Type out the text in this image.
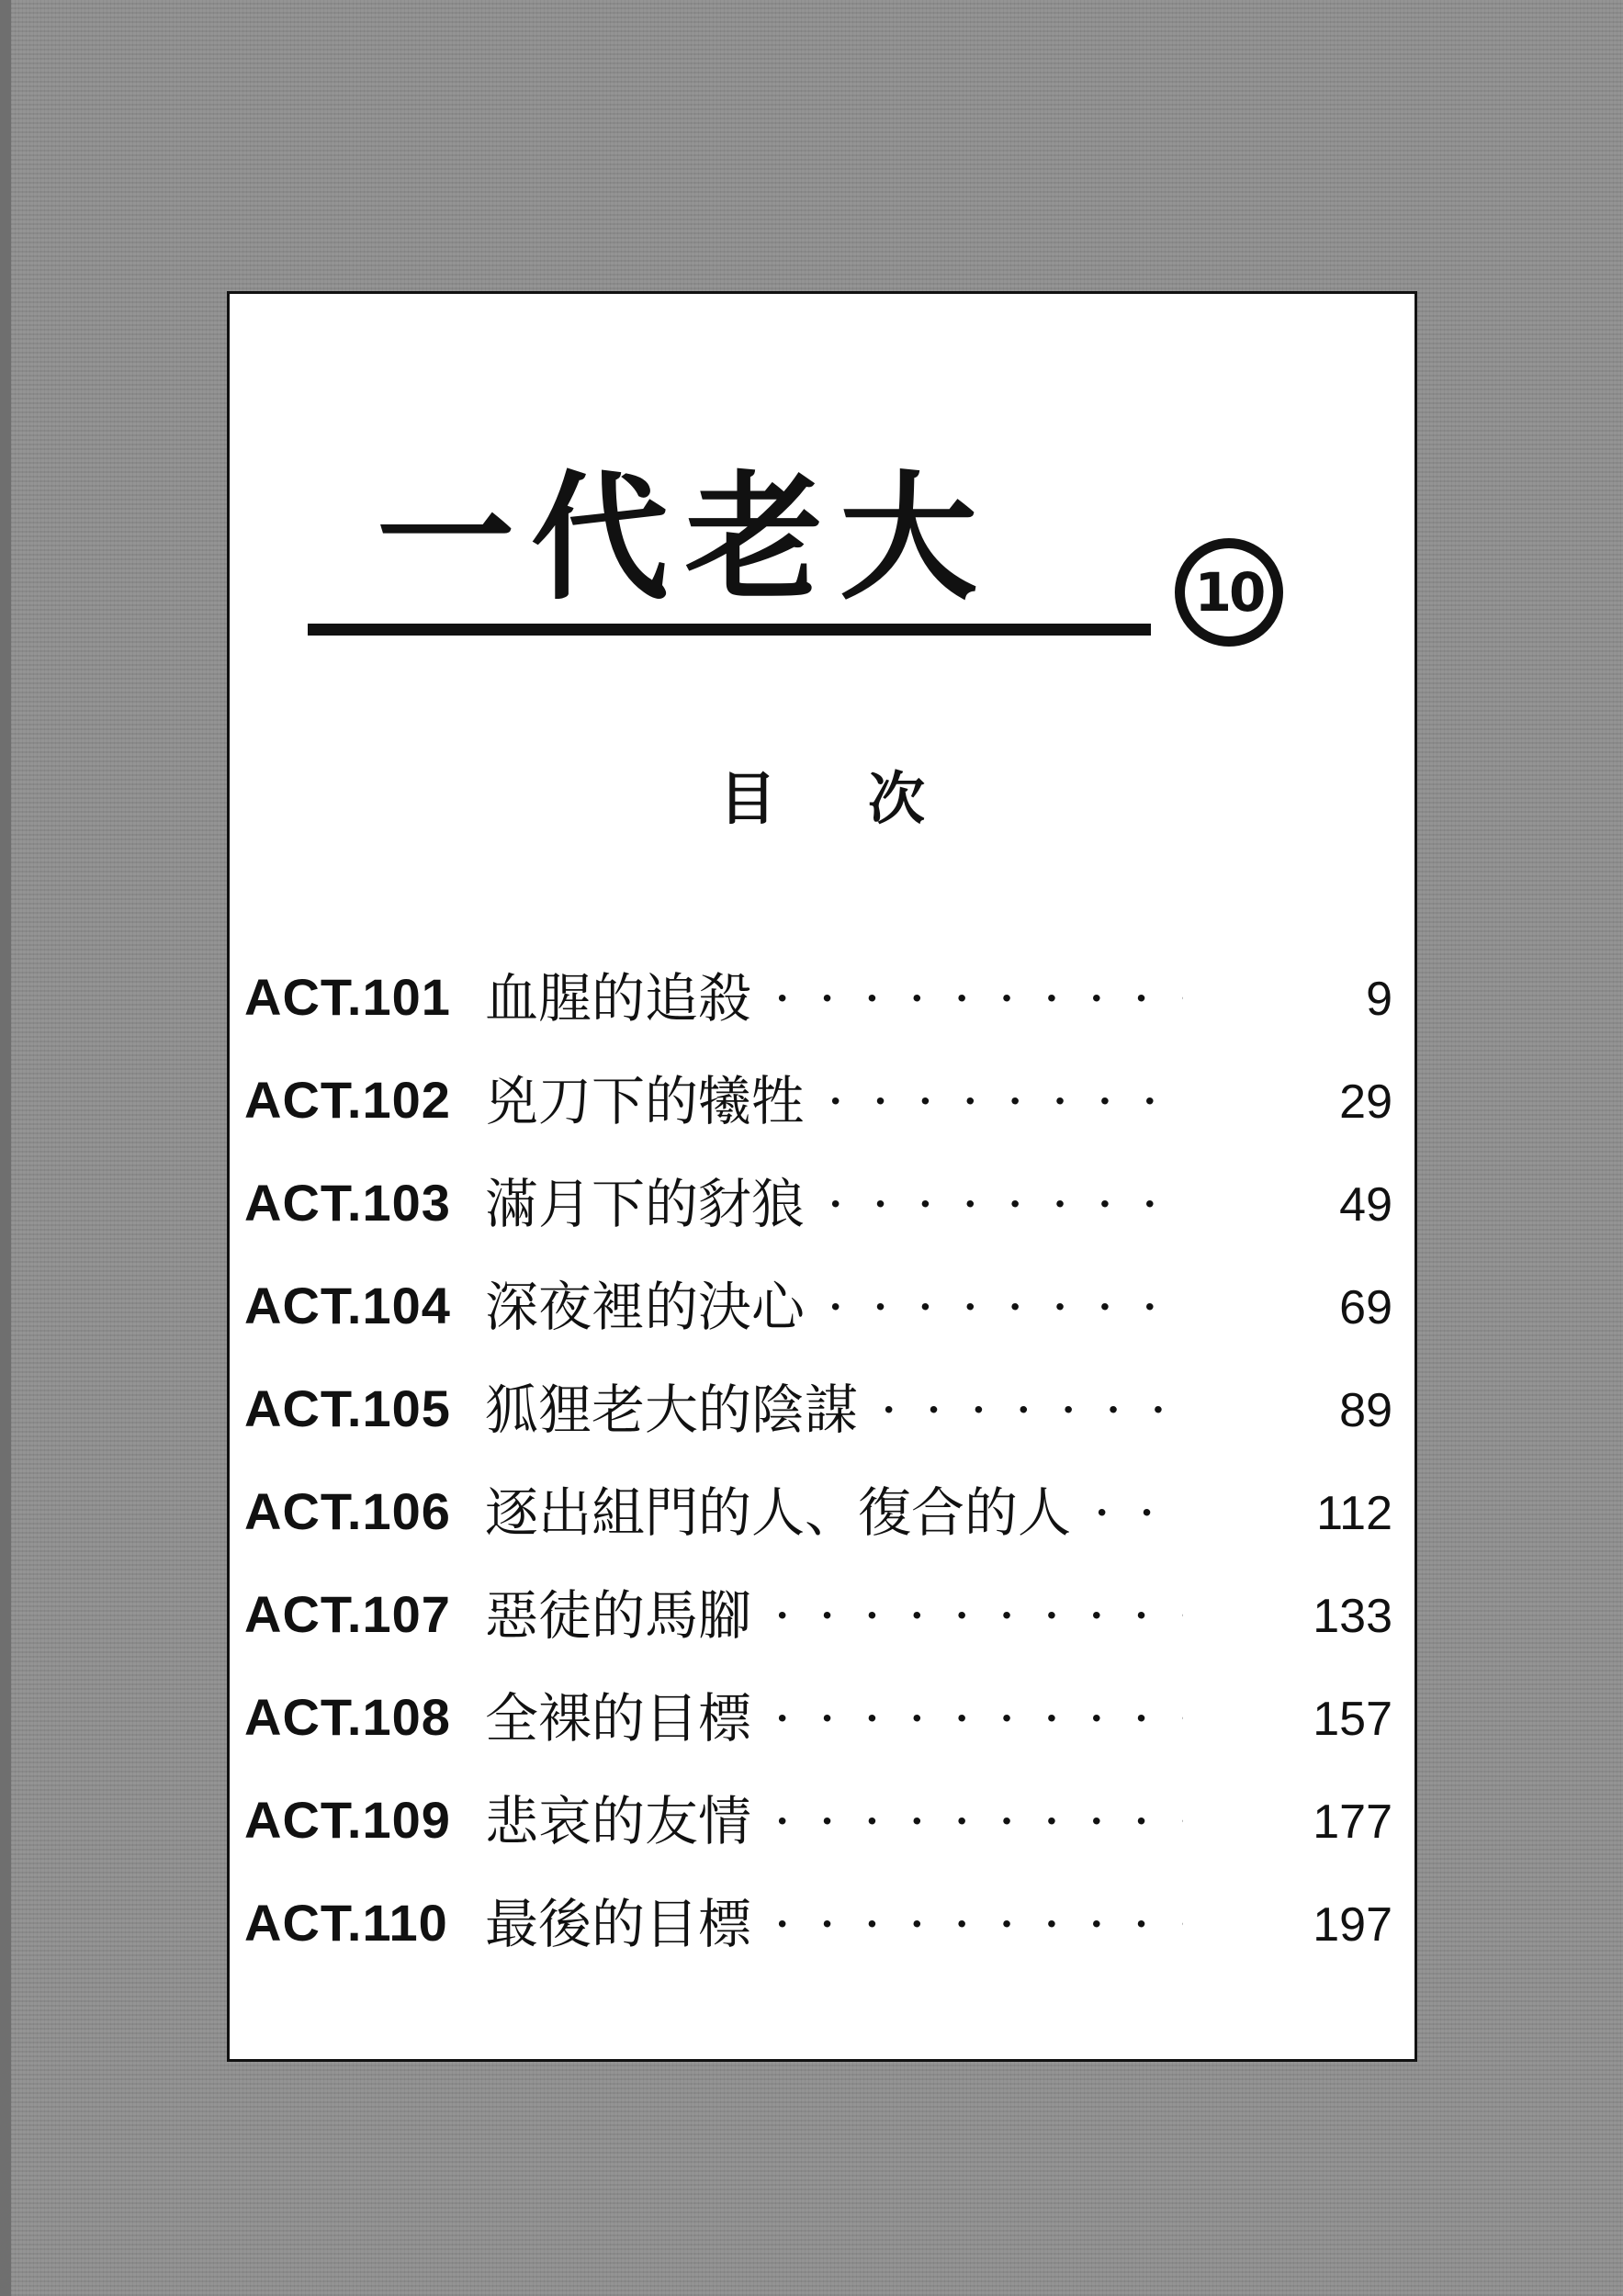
一代老大	10
目次
ACT.101 血腥的追殺 · · ·	9
ACT.102 兇刀下的犧牲 · · ·	29
ACT.103 滿月下的豺狼 · · ·	49
ACT.104 深夜裡的決心 · · ·	69
ACT.105 狐狸老大的陰謀 · · ·	89
ACT.106 逐出組門的人、復合的人 · · ·	112
ACT.107 惡徒的馬腳 · · ·	133
ACT.108 全裸的目標 · · ·	157
ACT.109 悲哀的友情 · · ·	177
ACT.110 最後的目標 · · ·	197
